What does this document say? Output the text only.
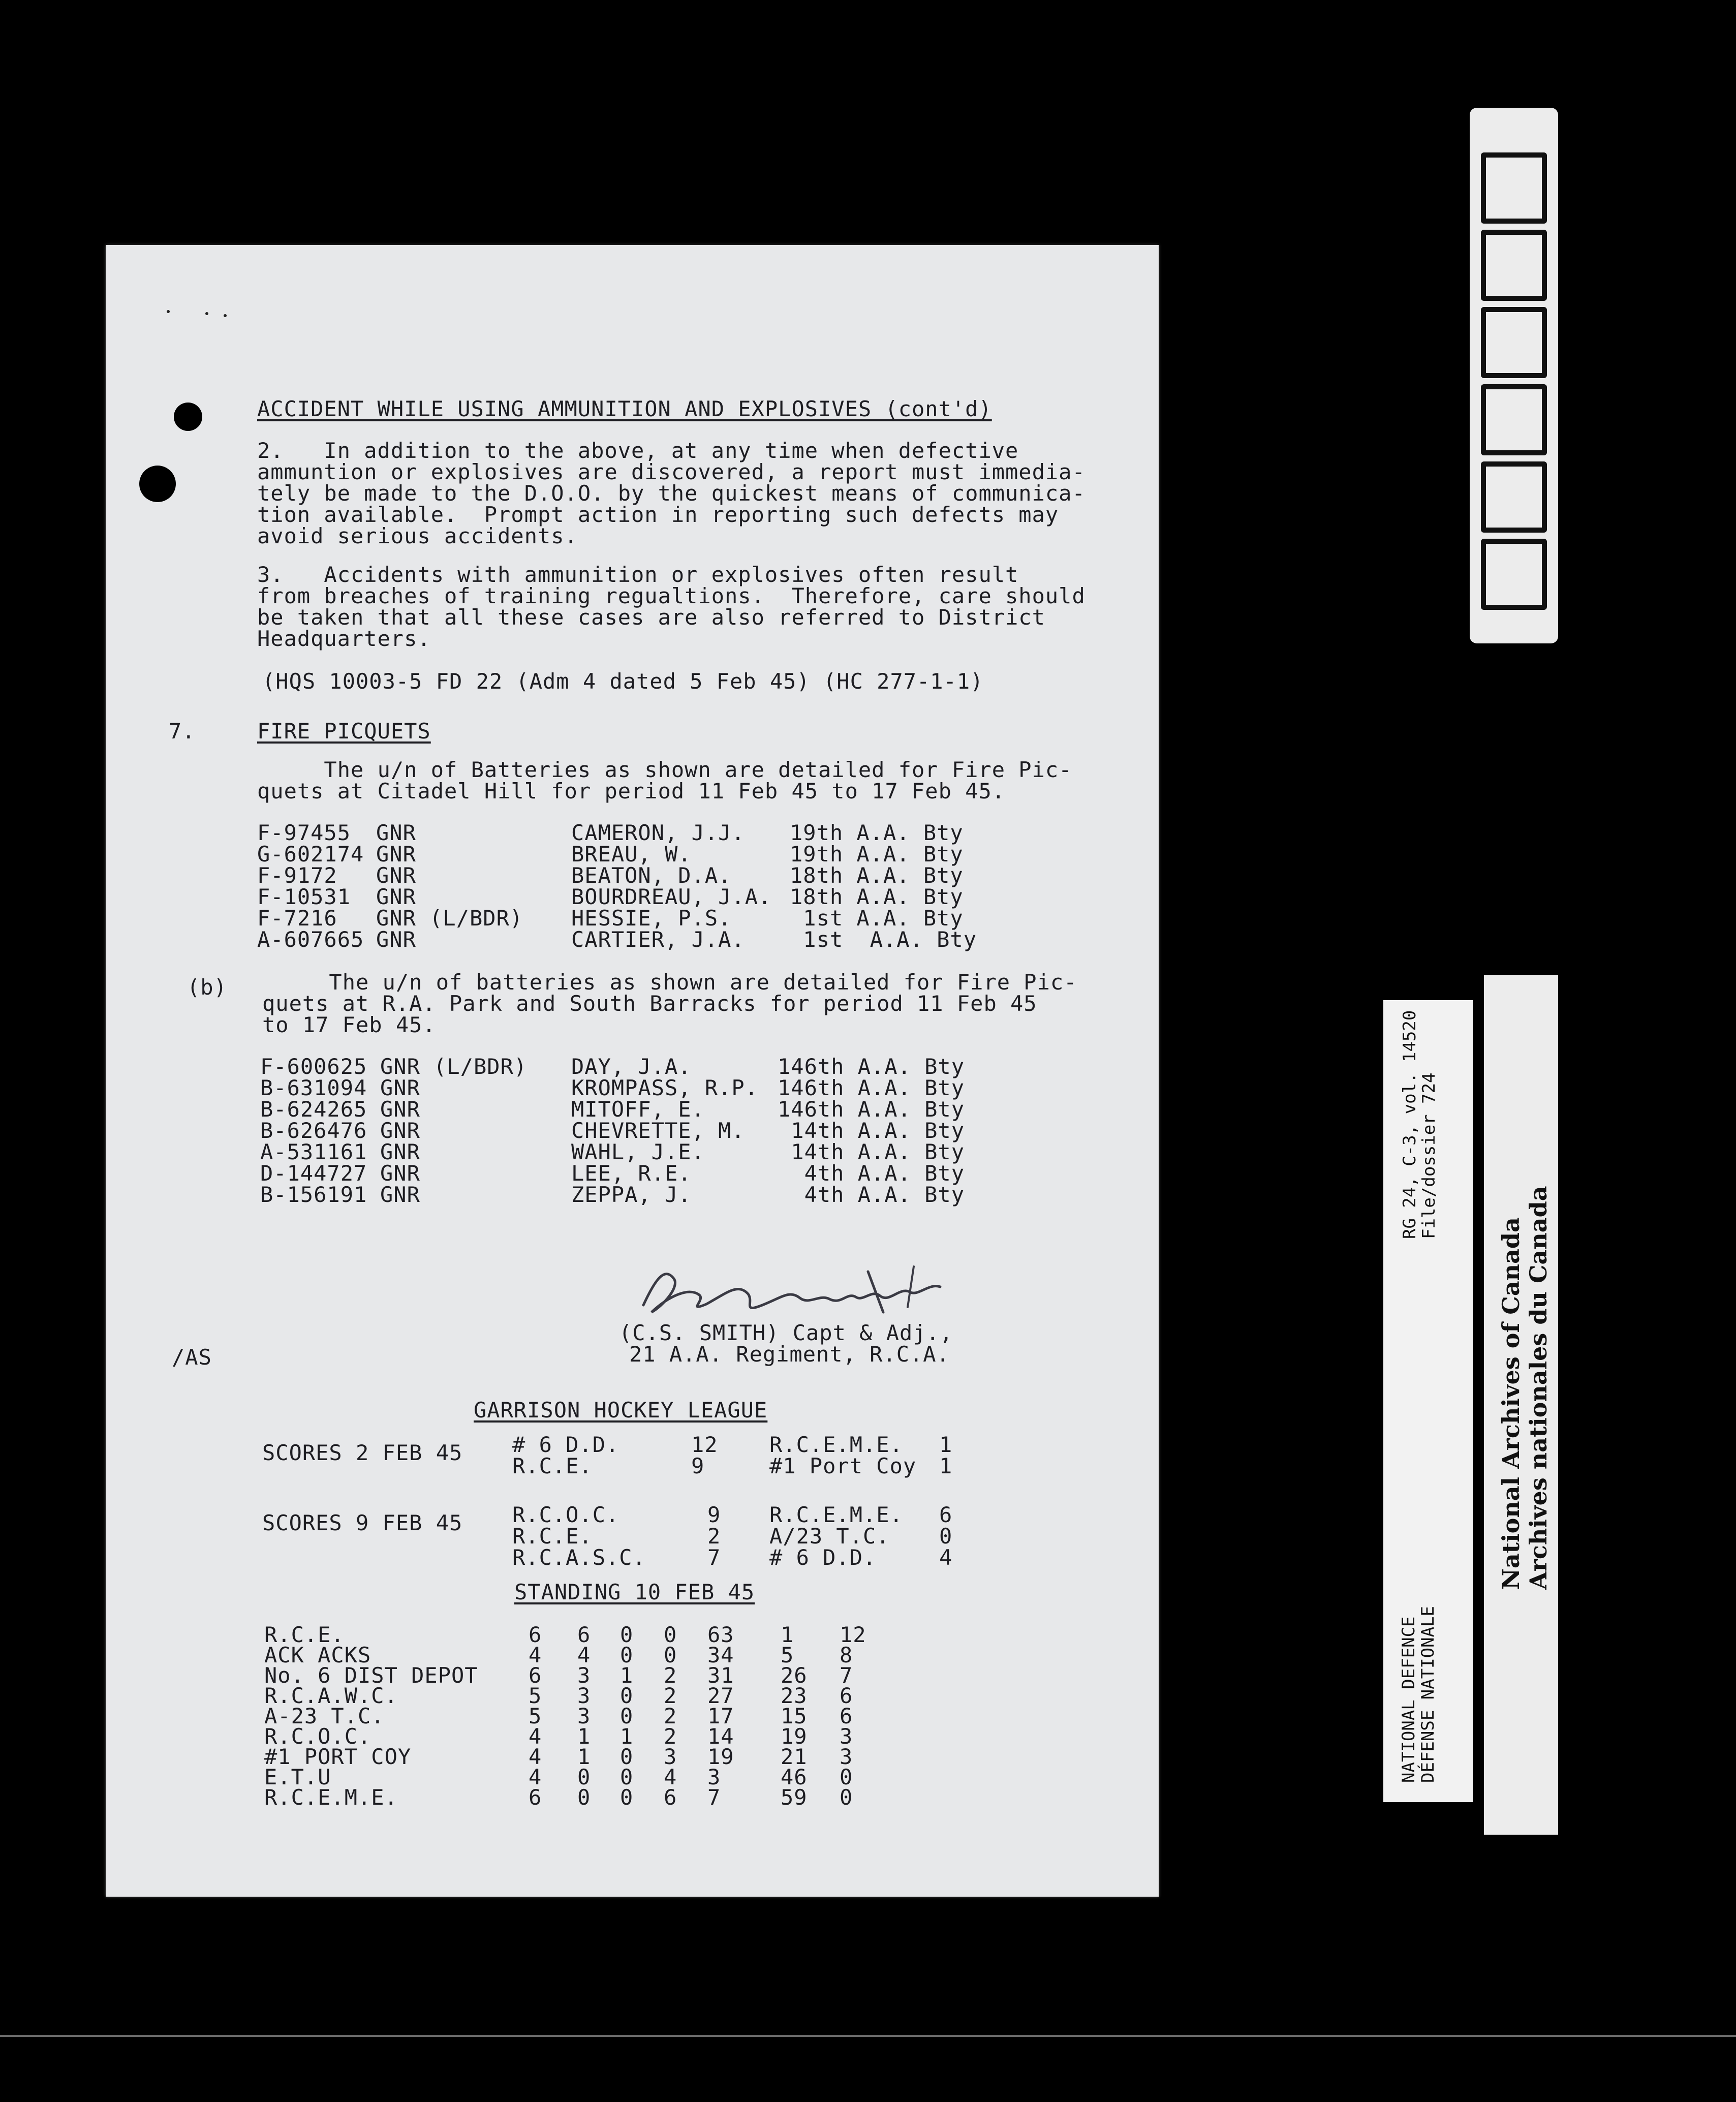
ACCIDENT WHILE USING AMMUNITION AND EXPLOSIVES (cont'd)
2.   In addition to the above, at any time when defective
ammuntion or explosives are discovered, a report must immedia-
tely be made to the D.O.O. by the quickest means of communica-
tion available.  Prompt action in reporting such defects may
avoid serious accidents.
3.   Accidents with ammunition or explosives often result
from breaches of training regualtions.  Therefore, care should
be taken that all these cases are also referred to District
Headquarters.
(HQS 10003-5 FD 22 (Adm 4 dated 5 Feb 45) (HC 277-1-1)
7.	FIRE PICQUETS
The u/n of Batteries as shown are detailed for Fire Pic-
quets at Citadel Hill for period 11 Feb 45 to 17 Feb 45.
F-97455 GNR	CAMERON, J.J. 19th A.A. Bty
G-602174 GNR	BREAU, W.	19th A.A. Bty
F-9172 GNR	BEATON, D.A.	18th A.A. Bty
F-10531 GNR	BOURDREAU, J.A. 18th A.A. Bty
F-7216 GNR (L/BDR) HESSIE, P.S.	1st A.A. Bty
A-607665 GNR	CARTIER, J.A. 1st  A.A. Bty
(b) The u/n of batteries as shown are detailed for Fire Pic-
quets at R.A. Park and South Barracks for period 11 Feb 45
to 17 Feb 45.
F-600625 GNR (L/BDR) DAY, J.A.	146th A.A. Bty
B-631094 GNR	KROMPASS, R.P. 146th A.A. Bty
B-624265 GNR	MITOFF, E.	146th A.A. Bty
B-626476 GNR	CHEVRETTE, M. 14th A.A. Bty
A-531161 GNR	WAHL, J.E.	14th A.A. Bty
D-144727 GNR	LEE, R.E.	4th A.A. Bty
B-156191 GNR	ZEPPA, J.	4th A.A. Bty
(C.S. SMITH) Capt & Adj.,
21 A.A. Regiment, R.C.A.
/AS
GARRISON HOCKEY LEAGUE
SCORES 2 FEB 45 # 6 D.D.	12 R.C.E.M.E. 1
R.C.E.	9	#1 Port Coy 1
SCORES 9 FEB 45 R.C.O.C.	9 R.C.E.M.E. 6
R.C.E.	2 A/23 T.C. 0
R.C.A.S.C.	7 # 6 D.D.	4
STANDING 10 FEB 45
R.C.E.	6 6 0 0 63 1 12
ACK ACKS	4 4 0 0 34 5 8
No. 6 DIST DEPOT 6 3 1 2 31 26 7
R.C.A.W.C.	5 3 0 2 27 23 6
A-23 T.C.	5 3 0 2 17 15 6
R.C.O.C.	4 1 1 2 14 19 3
#1 PORT COY	4 1 0 3 19 21 3
E.T.U	4 0 0 4 3	46 0
R.C.E.M.E.	6 0 0 6 7	59 0
000075
NATIONAL DEFENCE
DÉFENSE NATIONALE
RG 24, C-3, vol. 14520
File/dossier 724
National Archives of Canada Archives nationales du Canada
